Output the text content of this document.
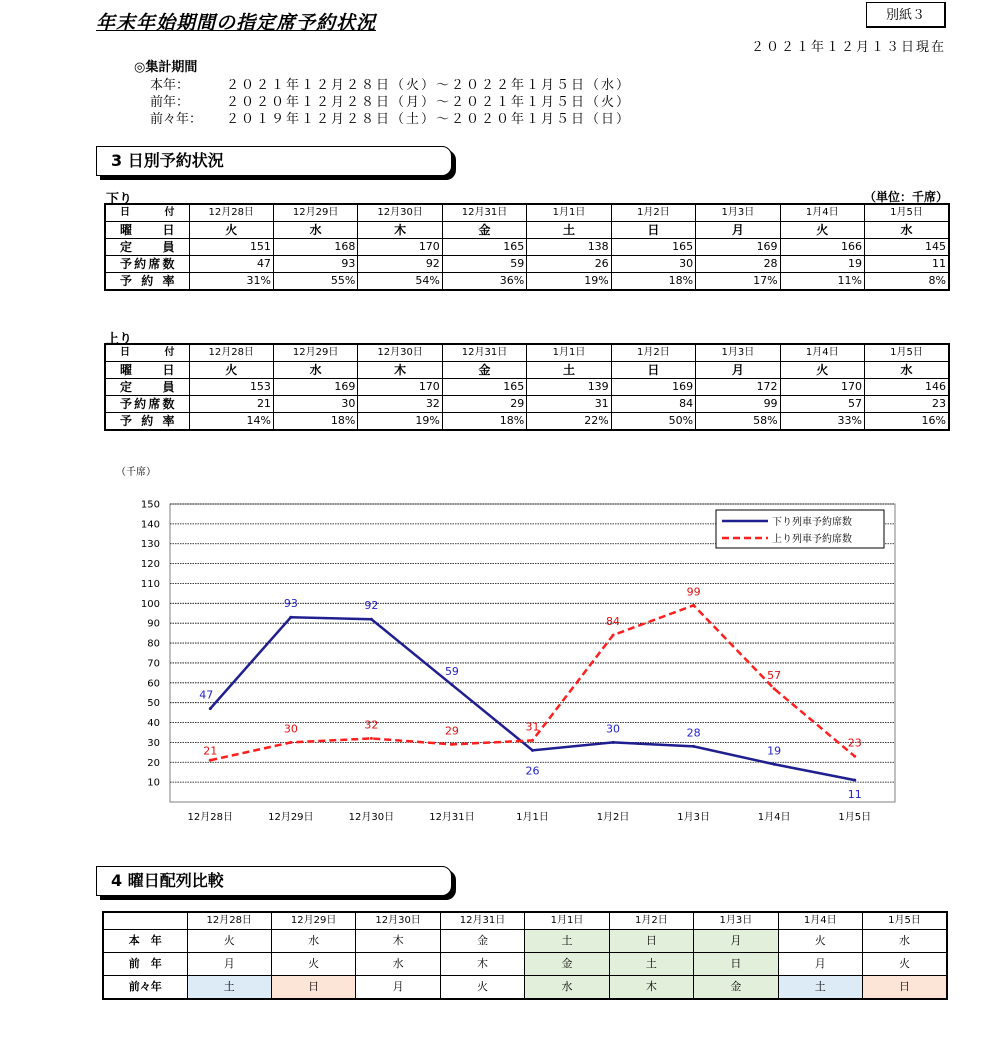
年末年始期間の指定席予約状況	別紙３
２０２１年１２月１３日現在
◎集計期間
本年：	２０２１年１２月２８日（火）～２０２２年１月５日（水）
前年：	２０２０年１２月２８日（月）～２０２１年１月５日（火）
前々年： ２０１９年１２月２８日（土）～２０２０年１月５日（日）
3 日別予約状況
下り	（単位：千席）
日　付	12月28日	12月29日	12月30日	12月31日	1月1日	1月2日	1月3日	1月4日	1月5日
曜　日	火	水	木	金	土	日	月	火	水
定　員	151	168	170	165	138	165	169	166	145
予約席数	47	93	92	59	26	30	28	19	11
予約率	31%	55%	54%	36%	19%	18%	17%	11%	8%
上り
日　付	12月28日	12月29日	12月30日	12月31日	1月1日	1月2日	1月3日	1月4日	1月5日
曜　日	火	水	木	金	土	日	月	火	水
定　員	153	169	170	165	139	169	172	170	146
予約席数	21	30	32	29	31	84	99	57	23
予約率	14%	18%	19%	18%	22%	50%	58%	33%	16%
（千席）
10
20
30
40
50
60
70
80
90
100
110
120
130
140
150
12月28日	12月29日	12月30日	12月31日	1月1日	1月2日	1月3日	1月4日	1月5日
47
93	92
59
26
30	28
19
11
21
30	32	29	31
84
99
57
23
下り列車予約席数
上り列車予約席数
4 曜日配列比較
	12月28日	12月29日	12月30日	12月31日	1月1日	1月2日	1月3日	1月4日	1月5日
本　年	火	水	木	金	土	日	月	火	水
前　年	月	火	水	木	金	土	日	月	火
前々年	土	日	月	火	水	木	金	土	日
